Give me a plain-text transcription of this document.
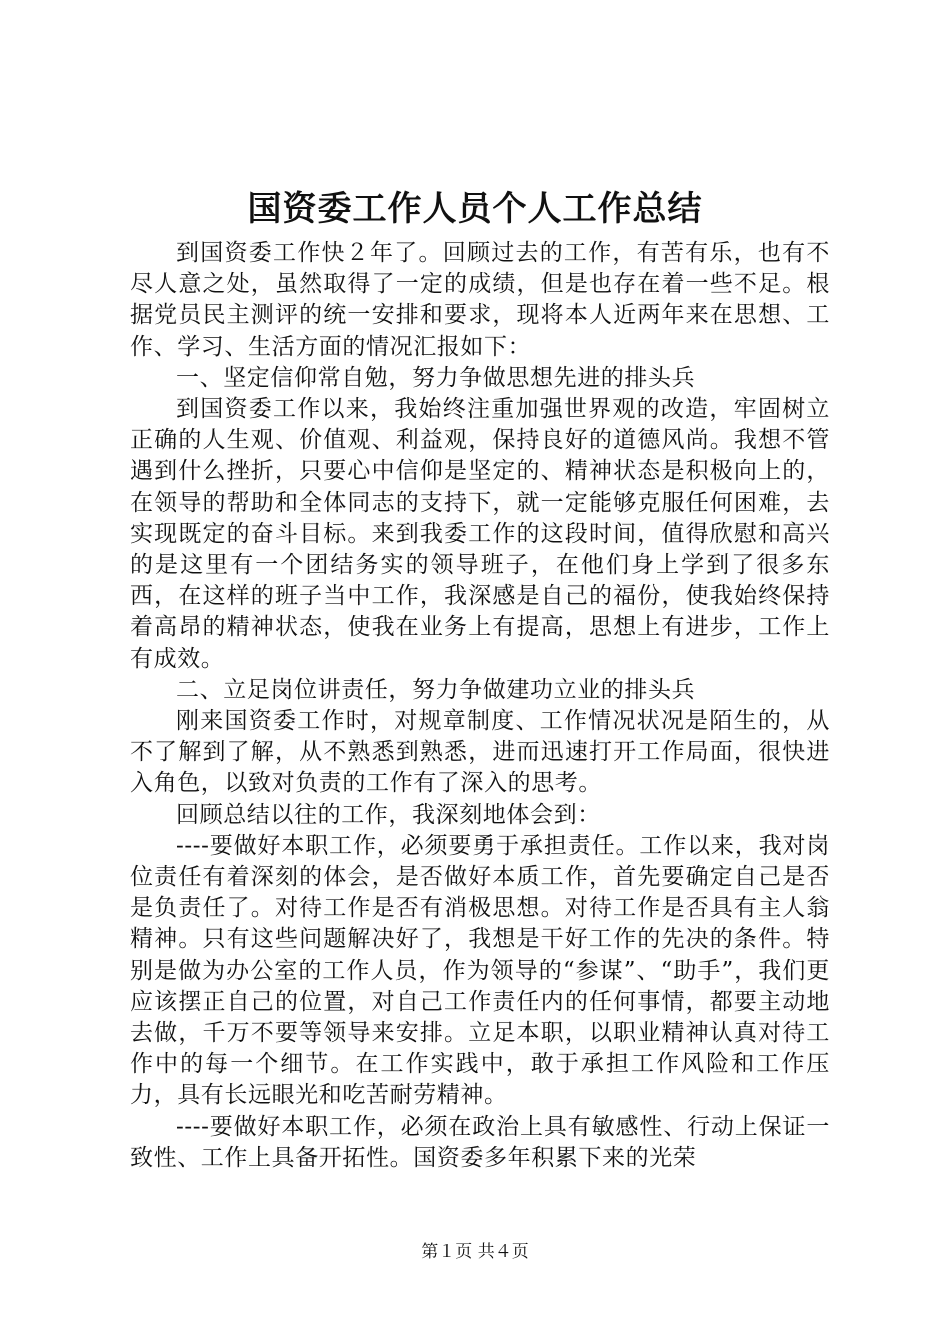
国资委工作人员个人工作总结

到国资委工作快２年了。回顾过去的工作，有苦有乐，也有不尽人意之处，虽然取得了一定的成绩，但是也存在着一些不足。根据党员民主测评的统一安排和要求，现将本人近两年来在思想、工作、学习、生活方面的情况汇报如下：

一、坚定信仰常自勉，努力争做思想先进的排头兵

到国资委工作以来，我始终注重加强世界观的改造，牢固树立正确的人生观、价值观、利益观，保持良好的道德风尚。我想不管遇到什么挫折，只要心中信仰是坚定的、精神状态是积极向上的，在领导的帮助和全体同志的支持下，就一定能够克服任何困难，去实现既定的奋斗目标。来到我委工作的这段时间，值得欣慰和高兴的是这里有一个团结务实的领导班子，在他们身上学到了很多东西，在这样的班子当中工作，我深感是自己的福份，使我始终保持着高昂的精神状态，使我在业务上有提高，思想上有进步，工作上有成效。

二、立足岗位讲责任，努力争做建功立业的排头兵

刚来国资委工作时，对规章制度、工作情况状况是陌生的，从不了解到了解，从不熟悉到熟悉，进而迅速打开工作局面，很快进入角色，以致对负责的工作有了深入的思考。

回顾总结以往的工作，我深刻地体会到：

----要做好本职工作，必须要勇于承担责任。工作以来，我对岗位责任有着深刻的体会，是否做好本质工作，首先要确定自己是否是负责任了。对待工作是否有消极思想。对待工作是否具有主人翁精神。只有这些问题解决好了，我想是干好工作的先决的条件。特别是做为办公室的工作人员，作为领导的“参谋”、“助手”，我们更应该摆正自己的位置，对自己工作责任内的任何事情，都要主动地去做，千万不要等领导来安排。立足本职，以职业精神认真对待工作中的每一个细节。在工作实践中，敢于承担工作风险和工作压力，具有长远眼光和吃苦耐劳精神。

----要做好本职工作，必须在政治上具有敏感性、行动上保证一致性、工作上具备开拓性。国资委多年积累下来的光荣

第１页 共４页
